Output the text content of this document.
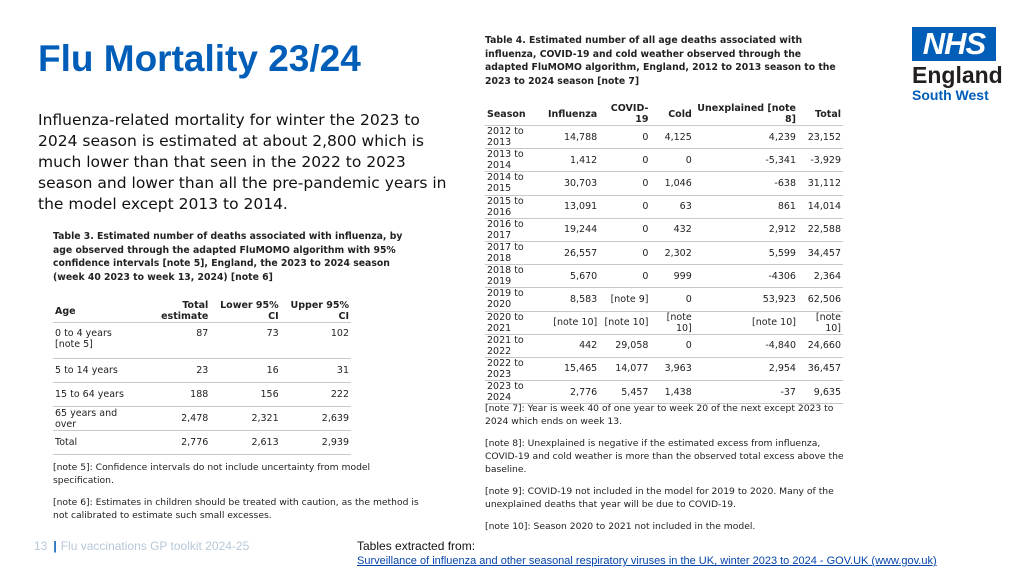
Flu Mortality 23/24

Influenza-related mortality for winter the 2023 to 2024 season is estimated at about 2,800 which is much lower than that seen in the 2022 to 2023 season and lower than all the pre-pandemic years in the model except 2013 to 2014.

Table 3. Estimated number of deaths associated with influenza, by age observed through the adapted FluMOMO algorithm with 95% confidence intervals [note 5], England, the 2023 to 2024 season (week 40 2023 to week 13, 2024) [note 6]
Age	Total estimate	Lower 95% CI	Upper 95% CI
0 to 4 years
[note 5]	87	73	102
5 to 14 years	23	16	31
15 to 64 years	188	156	222
65 years and over	2,478	2,321	2,639
Total	2,776	2,613	2,939

[note 5]: Confidence intervals do not include uncertainty from model specification.

[note 6]: Estimates in children should be treated with caution, as the method is not calibrated to estimate such small excesses.

Table 4. Estimated number of all age deaths associated with influenza, COVID-19 and cold weather observed through the adapted FluMOMO algorithm, England, 2012 to 2013 season to the 2023 to 2024 season [note 7]
Season	Influenza	COVID-19	Cold	Unexplained [note 8]	Total
2012 to 2013	14,788	0	4,125	4,239	23,152
2013 to 2014	1,412	0	0	-5,341	-3,929
2014 to 2015	30,703	0	1,046	-638	31,112
2015 to 2016	13,091	0	63	861	14,014
2016 to 2017	19,244	0	432	2,912	22,588
2017 to 2018	26,557	0	2,302	5,599	34,457
2018 to 2019	5,670	0	999	-4306	2,364
2019 to 2020	8,583	[note 9]	0	53,923	62,506
2020 to 2021	[note 10]	[note 10]	[note 10]	[note 10]	[note 10]
2021 to 2022	442	29,058	0	-4,840	24,660
2022 to 2023	15,465	14,077	3,963	2,954	36,457
2023 to 2024	2,776	5,457	1,438	-37	9,635

[note 7]: Year is week 40 of one year to week 20 of the next except 2023 to 2024 which ends on week 13.

[note 8]: Unexplained is negative if the estimated excess from influenza, COVID-19 and cold weather is more than the observed total excess above the baseline.

[note 9]: COVID-19 not included in the model for 2019 to 2020. Many of the unexplained deaths that year will be due to COVID-19.

[note 10]: Season 2020 to 2021 not included in the model.

NHS
England
South West
13 | Flu vaccinations GP toolkit 2024-25	Tables extracted from:
Surveillance of influenza and other seasonal respiratory viruses in the UK, winter 2023 to 2024 - GOV.UK (www.gov.uk)
